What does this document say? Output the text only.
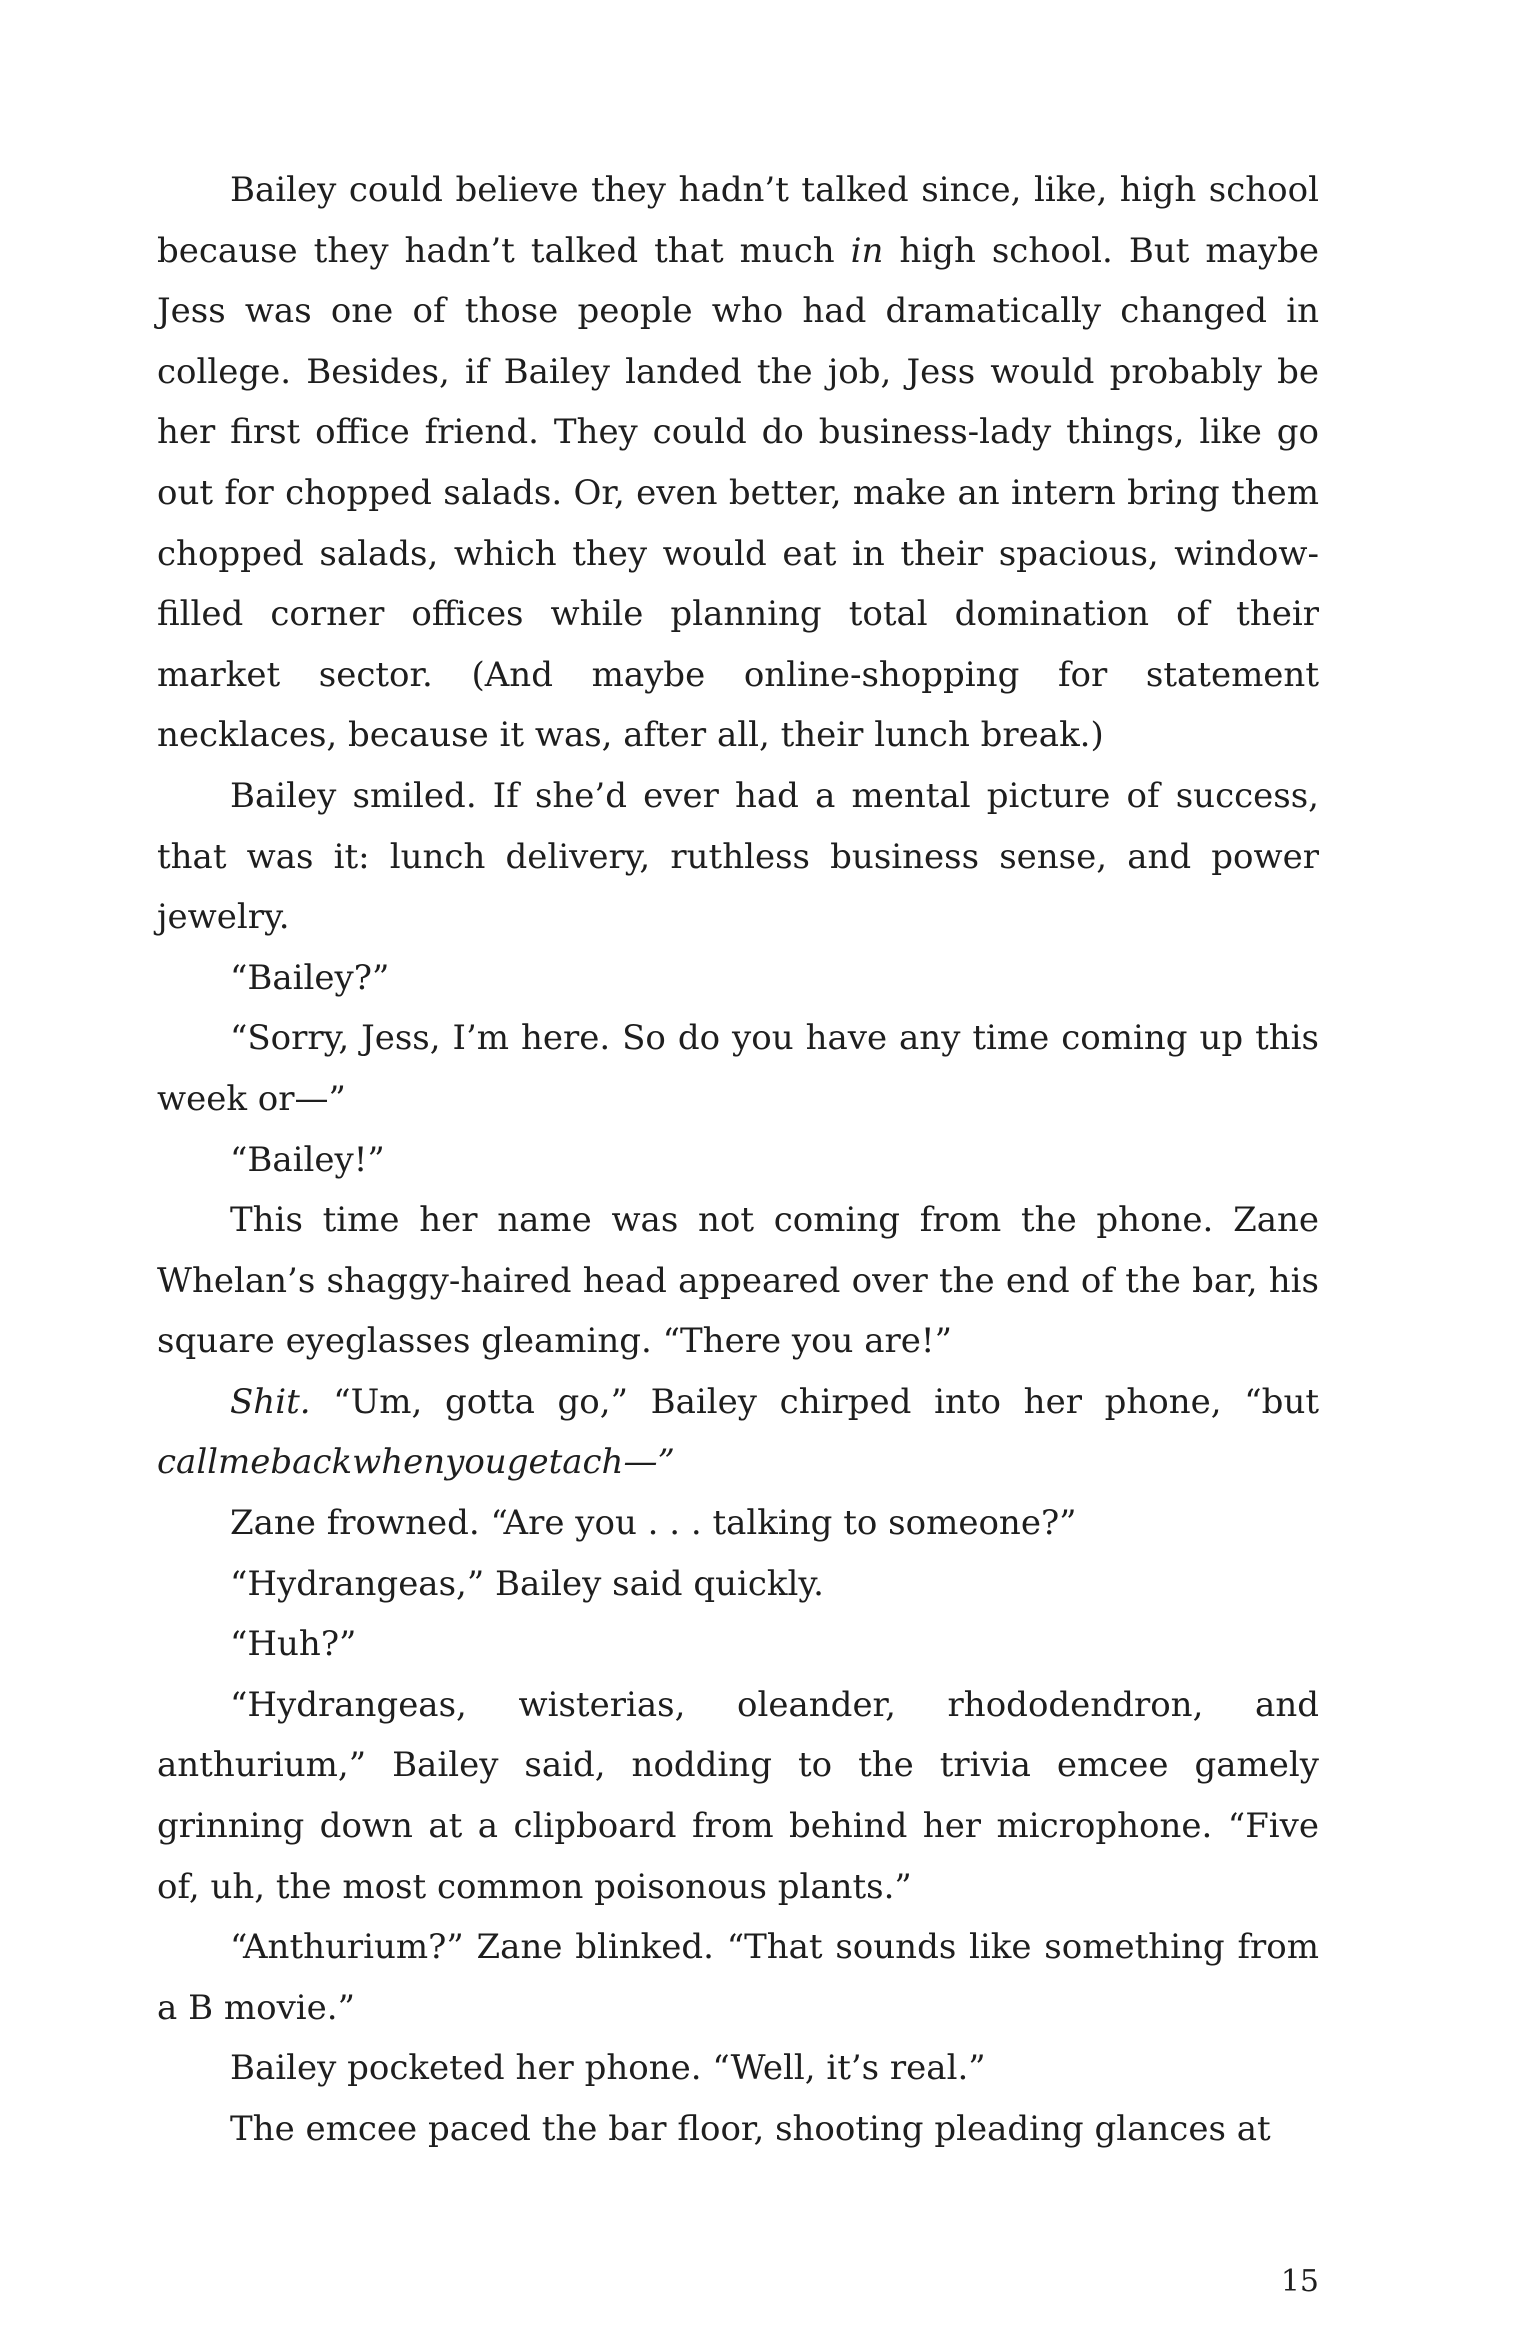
Bailey could believe they hadn’t talked since, like, high school because they hadn’t talked that much in high school. But maybe Jess was one of those people who had dramatically changed in college. Besides, if Bailey landed the job, Jess would probably be her first office friend. They could do business-lady things, like go out for chopped salads. Or, even better, make an intern bring them chopped salads, which they would eat in their spacious, window-filled corner offices while planning total domination of their market sector. (And maybe online-shopping for statement necklaces, because it was, after all, their lunch break.)

Bailey smiled. If she’d ever had a mental picture of success, that was it: lunch delivery, ruthless business sense, and power jewelry.

“Bailey?”

“Sorry, Jess, I’m here. So do you have any time coming up this week or—”

“Bailey!”

This time her name was not coming from the phone. Zane Whelan’s shaggy-haired head appeared over the end of the bar, his square eyeglasses gleaming. “There you are!”

Shit. “Um, gotta go,” Bailey chirped into her phone, “but callmebackwhenyougetach—”

Zane frowned. “Are you . . . talking to someone?”

“Hydrangeas,” Bailey said quickly.

“Huh?”

“Hydrangeas, wisterias, oleander, rhododendron, and anthurium,” Bailey said, nodding to the trivia emcee gamely grinning down at a clipboard from behind her microphone. “Five of, uh, the most common poisonous plants.”

“Anthurium?” Zane blinked. “That sounds like something from a B movie.”

Bailey pocketed her phone. “Well, it’s real.”

The emcee paced the bar floor, shooting pleading glances at

15
